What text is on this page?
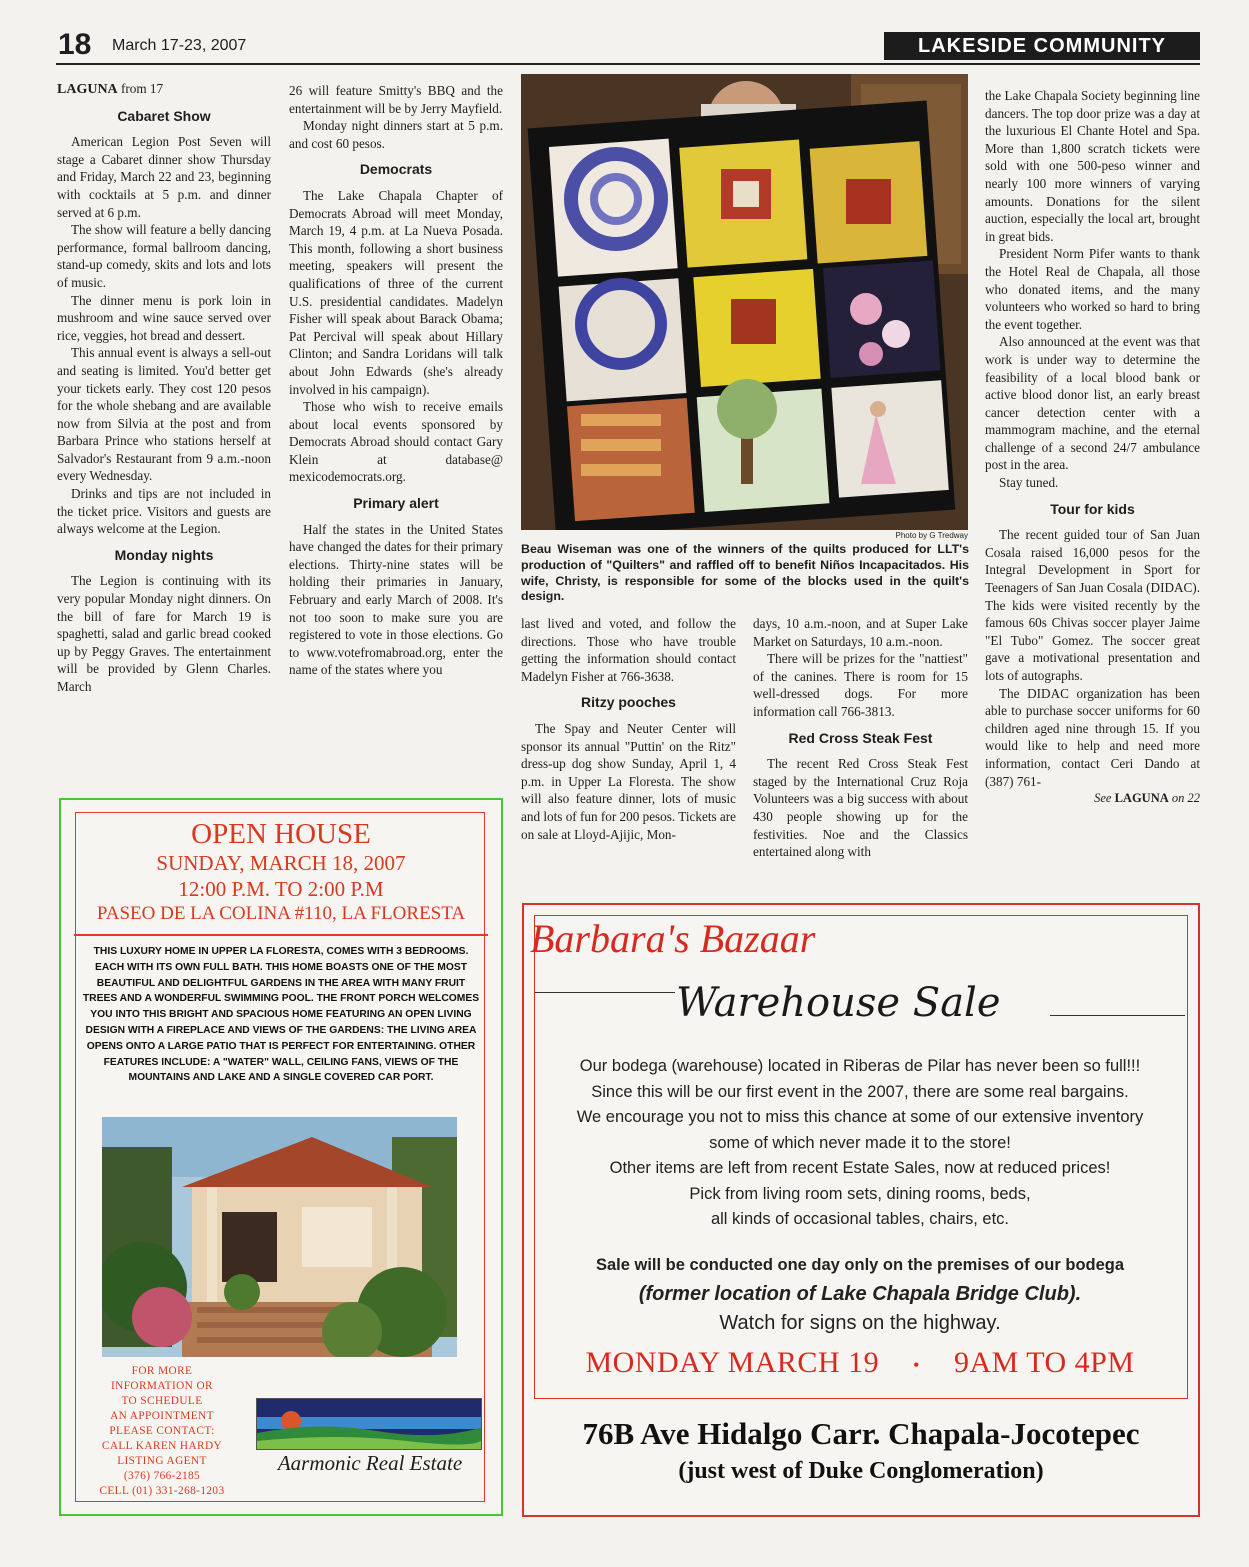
18 March 17-23, 2007	LAKESIDE COMMUNITY

LAGUNA from 17

Cabaret Show

American Legion Post Seven will stage a Cabaret dinner show Thursday and Friday, March 22 and 23, beginning with cocktails at 5 p.m. and dinner served at 6 p.m.

The show will feature a belly dancing performance, formal ballroom dancing, stand-up comedy, skits and lots and lots of music.

The dinner menu is pork loin in mushroom and wine sauce served over rice, veggies, hot bread and dessert.

This annual event is always a sell-out and seating is limited. You'd better get your tickets early. They cost 120 pesos for the whole shebang and are available now from Silvia at the post and from Barbara Prince who stations herself at Salvador's Restaurant from 9 a.m.-noon every Wednesday.

Drinks and tips are not included in the ticket price. Visitors and guests are always welcome at the Legion.

Monday nights

The Legion is continuing with its very popular Monday night dinners. On the bill of fare for March 19 is spaghetti, salad and garlic bread cooked up by Peggy Graves. The entertainment will be provided by Glenn Charles. March

26 will feature Smitty's BBQ and the entertainment will be by Jerry Mayfield.

Monday night dinners start at 5 p.m. and cost 60 pesos.

Democrats

The Lake Chapala Chapter of Democrats Abroad will meet Monday, March 19, 4 p.m. at La Nueva Posada. This month, following a short business meeting, speakers will present the qualifications of three of the current U.S. presidential candidates. Madelyn Fisher will speak about Barack Obama; Pat Percival will speak about Hillary Clinton; and Sandra Loridans will talk about John Edwards (she's already involved in his campaign).

Those who wish to receive emails about local events sponsored by Democrats Abroad should contact Gary Klein at database@ mexicodemocrats.org.

Primary alert

Half the states in the United States have changed the dates for their primary elections. Thirty-nine states will be holding their primaries in January, February and early March of 2008. It's not too soon to make sure you are registered to vote in those elections. Go to www.votefromabroad.org, enter the name of the states where you

Photo by G Tredway
Beau Wiseman was one of the winners of the quilts produced for LLT's production of "Quilters" and raffled off to benefit Niños Incapacitados. His wife, Christy, is responsible for some of the blocks used in the quilt's design.

last lived and voted, and follow the directions. Those who have trouble getting the information should contact Madelyn Fisher at 766-3638.

Ritzy pooches

The Spay and Neuter Center will sponsor its annual "Puttin' on the Ritz" dress-up dog show Sunday, April 1, 4 p.m. in Upper La Floresta. The show will also feature dinner, lots of music and lots of fun for 200 pesos. Tickets are on sale at Lloyd-Ajijic, Mon-

days, 10 a.m.-noon, and at Super Lake Market on Saturdays, 10 a.m.-noon.

There will be prizes for the "nattiest" of the canines. There is room for 15 well-dressed dogs. For more information call 766-3813.

Red Cross Steak Fest

The recent Red Cross Steak Fest staged by the International Cruz Roja Volunteers was a big success with about 430 people showing up for the festivities. Noe and the Classics entertained along with

the Lake Chapala Society beginning line dancers. The top door prize was a day at the luxurious El Chante Hotel and Spa. More than 1,800 scratch tickets were sold with one 500-peso winner and nearly 100 more winners of varying amounts. Donations for the silent auction, especially the local art, brought in great bids.

President Norm Pifer wants to thank the Hotel Real de Chapala, all those who donated items, and the many volunteers who worked so hard to bring the event together.

Also announced at the event was that work is under way to determine the feasibility of a local blood bank or active blood donor list, an early breast cancer detection center with a mammogram machine, and the eternal challenge of a second 24/7 ambulance post in the area.

Stay tuned.

Tour for kids

The recent guided tour of San Juan Cosala raised 16,000 pesos for the Integral Development in Sport for Teenagers of San Juan Cosala (DIDAC). The kids were visited recently by the famous 60s Chivas soccer player Jaime "El Tubo" Gomez. The soccer great gave a motivational presentation and lots of autographs.

The DIDAC organization has been able to purchase soccer uniforms for 60 children aged nine through 15. If you would like to help and need more information, contact Ceri Dando at (387) 761-

See LAGUNA on 22

OPEN HOUSE
SUNDAY, MARCH 18, 2007
12:00 P.M. TO 2:00 P.M
PASEO DE LA COLINA #110, LA FLORESTA
THIS LUXURY HOME IN UPPER LA FLORESTA, COMES WITH 3 BEDROOMS. EACH WITH ITS OWN FULL BATH. THIS HOME BOASTS ONE OF THE MOST BEAUTIFUL AND DELIGHTFUL GARDENS IN THE AREA WITH MANY FRUIT TREES AND A WONDERFUL SWIMMING POOL. THE FRONT PORCH WELCOMES YOU INTO THIS BRIGHT AND SPACIOUS HOME FEATURING AN OPEN LIVING DESIGN WITH A FIREPLACE AND VIEWS OF THE GARDENS: THE LIVING AREA OPENS ONTO A LARGE PATIO THAT IS PERFECT FOR ENTERTAINING. OTHER FEATURES INCLUDE: A "WATER" WALL, CEILING FANS, VIEWS OF THE MOUNTAINS AND LAKE AND A SINGLE COVERED CAR PORT.
FOR MORE
INFORMATION OR
TO SCHEDULE
AN APPOINTMENT
PLEASE CONTACT:
CALL KAREN HARDY
LISTING AGENT
(376) 766-2185
CELL (01) 331-268-1203
Aarmonic Real Estate
Barbara's Bazaar
Warehouse Sale
Our bodega (warehouse) located in Riberas de Pilar has never been so full!!!
Since this will be our first event in the 2007, there are some real bargains.
We encourage you not to miss this chance at some of our extensive inventory
some of which never made it to the store!
Other items are left from recent Estate Sales, now at reduced prices!
Pick from living room sets, dining rooms, beds,
all kinds of occasional tables, chairs, etc.
Sale will be conducted one day only on the premises of our bodega
(former location of Lake Chapala Bridge Club).
Watch for signs on the highway.
MONDAY MARCH 19 • 9AM TO 4PM
76B Ave Hidalgo Carr. Chapala-Jocotepec
(just west of Duke Conglomeration)
